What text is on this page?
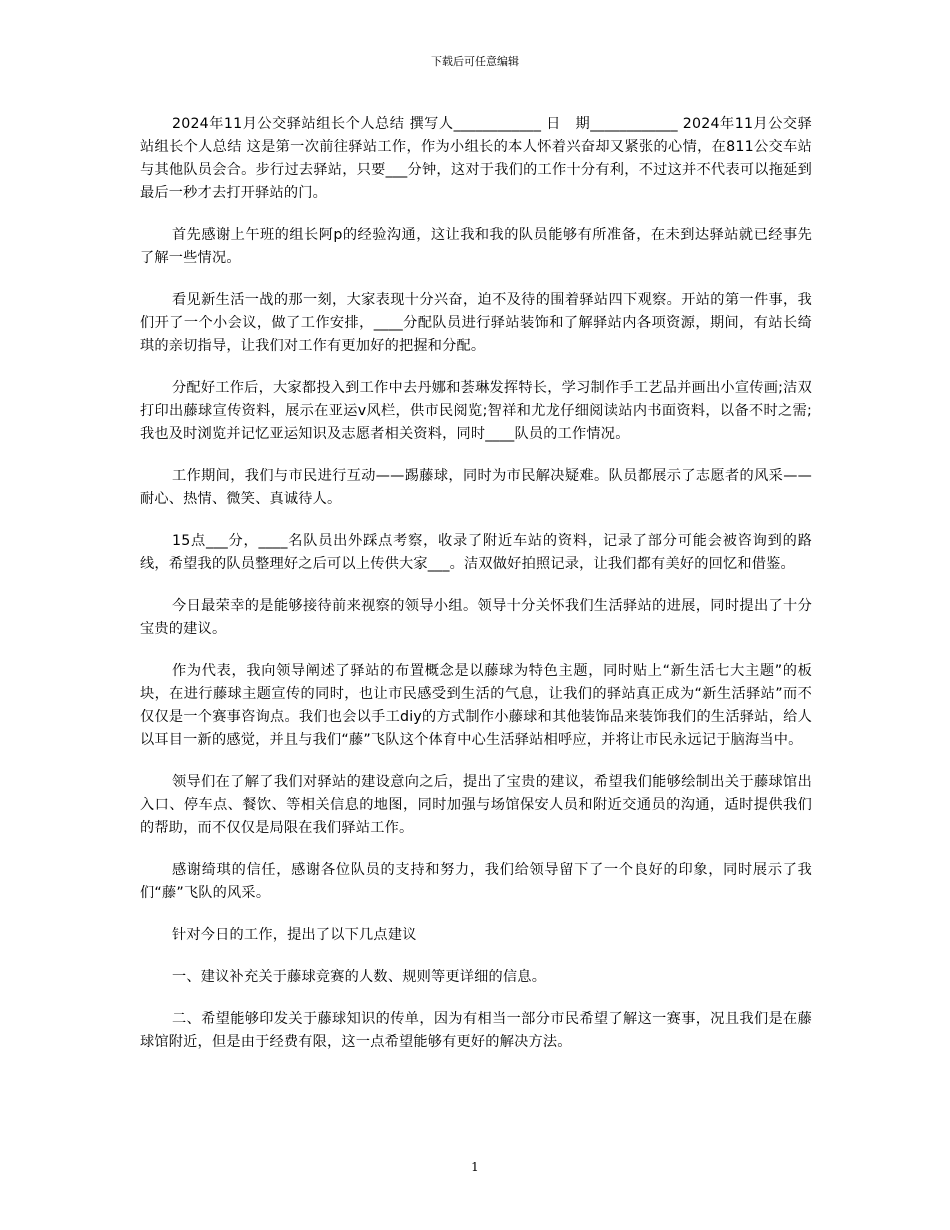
下载后可任意编辑

2024年11月公交驿站组长个人总结 撰写人____________ 日　期____________ 2024年11月公交驿站组长个人总结 这是第一次前往驿站工作，作为小组长的本人怀着兴奋却又紧张的心情，在811公交车站与其他队员会合。步行过去驿站，只要___分钟，这对于我们的工作十分有利，不过这并不代表可以拖延到最后一秒才去打开驿站的门。

首先感谢上午班的组长阿p的经验沟通，这让我和我的队员能够有所准备，在未到达驿站就已经事先了解一些情况。

看见新生活一战的那一刻，大家表现十分兴奋，迫不及待的围着驿站四下观察。开站的第一件事，我们开了一个小会议，做了工作安排，____分配队员进行驿站装饰和了解驿站内各项资源，期间，有站长绮琪的亲切指导，让我们对工作有更加好的把握和分配。

分配好工作后，大家都投入到工作中去丹娜和荟琳发挥特长，学习制作手工艺品并画出小宣传画;洁双打印出藤球宣传资料，展示在亚运v风栏，供市民阅览;智祥和尤龙仔细阅读站内书面资料，以备不时之需;我也及时浏览并记忆亚运知识及志愿者相关资料，同时____队员的工作情况。

工作期间，我们与市民进行互动——踢藤球，同时为市民解决疑难。队员都展示了志愿者的风采——耐心、热情、微笑、真诚待人。

15点___分，____名队员出外踩点考察，收录了附近车站的资料，记录了部分可能会被咨询到的路线，希望我的队员整理好之后可以上传供大家___。洁双做好拍照记录，让我们都有美好的回忆和借鉴。

今日最荣幸的是能够接待前来视察的领导小组。领导十分关怀我们生活驿站的进展，同时提出了十分宝贵的建议。

作为代表，我向领导阐述了驿站的布置概念是以藤球为特色主题，同时贴上“新生活七大主题”的板块，在进行藤球主题宣传的同时，也让市民感受到生活的气息，让我们的驿站真正成为“新生活驿站”而不仅仅是一个赛事咨询点。我们也会以手工diy的方式制作小藤球和其他装饰品来装饰我们的生活驿站，给人以耳目一新的感觉，并且与我们“藤”飞队这个体育中心生活驿站相呼应，并将让市民永远记于脑海当中。

领导们在了解了我们对驿站的建设意向之后，提出了宝贵的建议，希望我们能够绘制出关于藤球馆出入口、停车点、餐饮、等相关信息的地图，同时加强与场馆保安人员和附近交通员的沟通，适时提供我们的帮助，而不仅仅是局限在我们驿站工作。

感谢绮琪的信任，感谢各位队员的支持和努力，我们给领导留下了一个良好的印象，同时展示了我们“藤”飞队的风采。

针对今日的工作，提出了以下几点建议

一、建议补充关于藤球竞赛的人数、规则等更详细的信息。

二、希望能够印发关于藤球知识的传单，因为有相当一部分市民希望了解这一赛事，况且我们是在藤球馆附近，但是由于经费有限，这一点希望能够有更好的解决方法。

1
